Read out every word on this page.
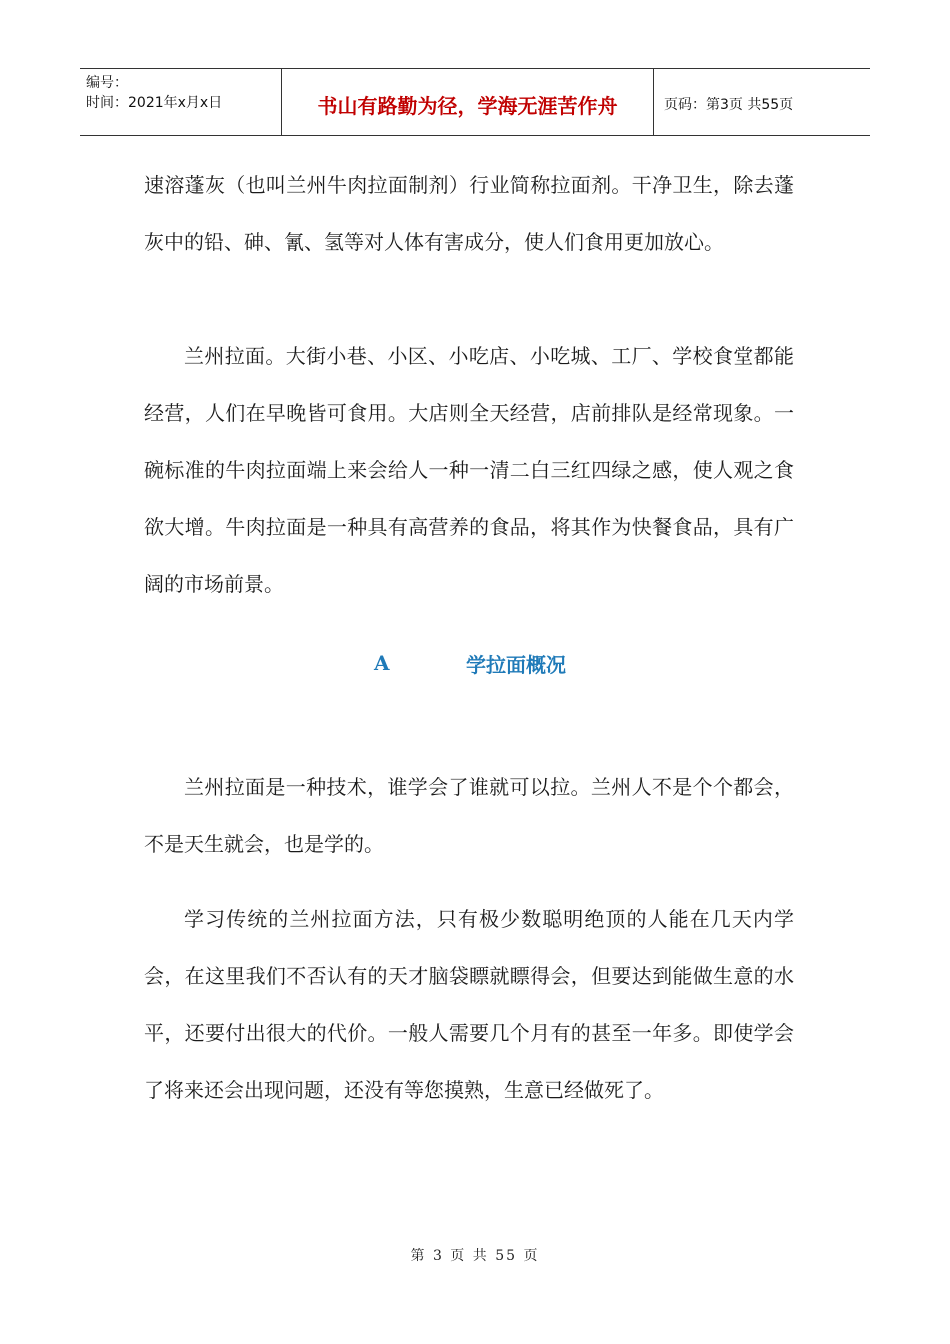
编号：
时间：2021年x月x日	书山有路勤为径，学海无涯苦作舟	页码：第3页 共55页

速溶蓬灰（也叫兰州牛肉拉面制剂）行业简称拉面剂。干净卫生，除去蓬灰中的铅、砷、氰、氢等对人体有害成分，使人们食用更加放心。

兰州拉面。大街小巷、小区、小吃店、小吃城、工厂、学校食堂都能经营，人们在早晚皆可食用。大店则全天经营，店前排队是经常现象。一碗标准的牛肉拉面端上来会给人一种一清二白三红四绿之感，使人观之食欲大增。牛肉拉面是一种具有高营养的食品，将其作为快餐食品，具有广阔的市场前景。

A	学拉面概况

兰州拉面是一种技术，谁学会了谁就可以拉。兰州人不是个个都会，不是天生就会，也是学的。

学习传统的兰州拉面方法，只有极少数聪明绝顶的人能在几天内学会，在这里我们不否认有的天才脑袋瞟就瞟得会，但要达到能做生意的水平，还要付出很大的代价。一般人需要几个月有的甚至一年多。即使学会了将来还会出现问题，还没有等您摸熟，生意已经做死了。

第 3 页 共 55 页
